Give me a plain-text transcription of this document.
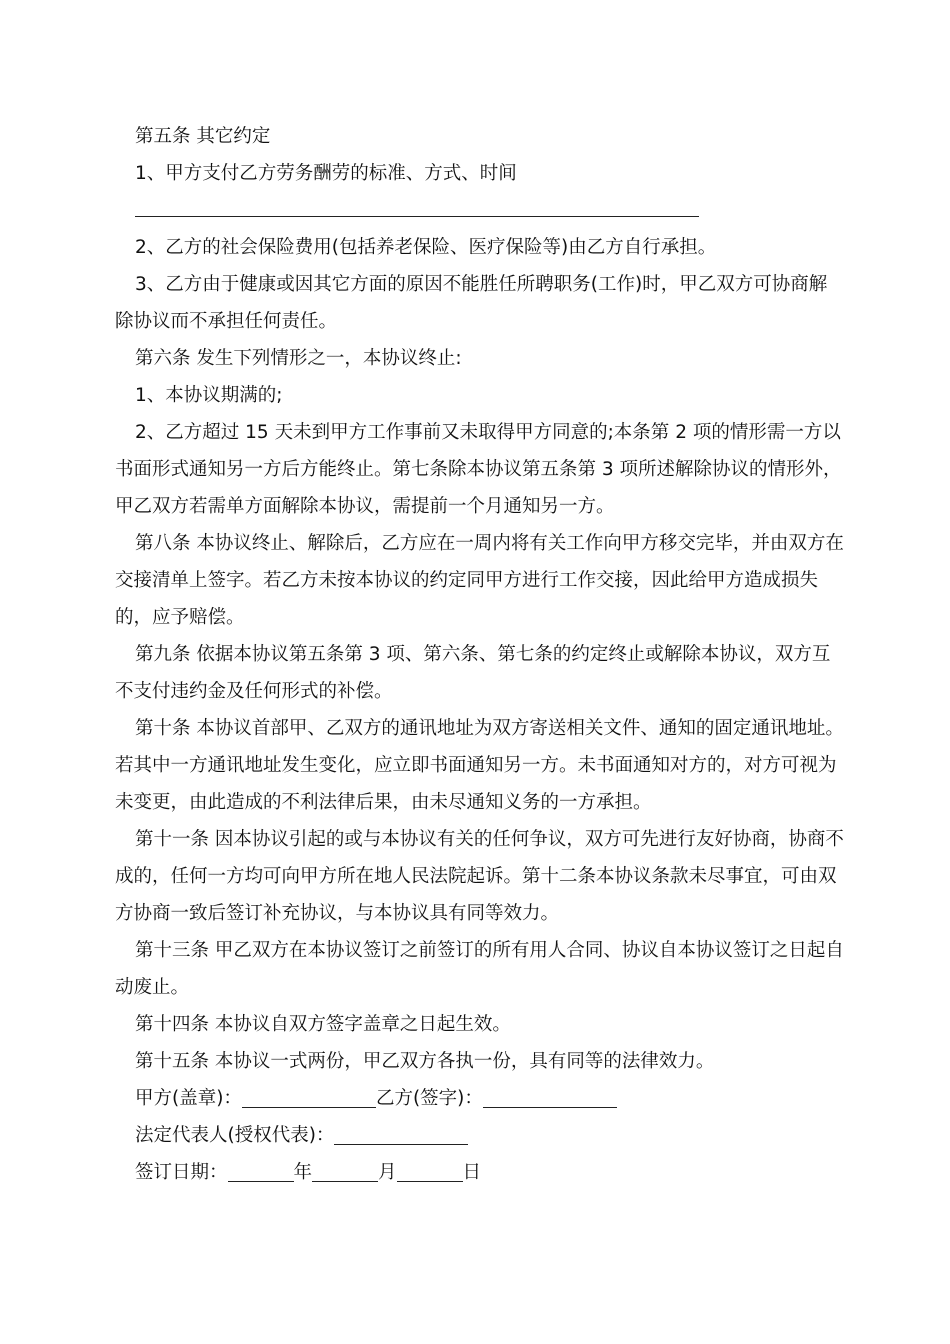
第五条 其它约定

1、甲方支付乙方劳务酬劳的标准、方式、时间

2、乙方的社会保险费用(包括养老保险、医疗保险等)由乙方自行承担。

3、乙方由于健康或因其它方面的原因不能胜任所聘职务(工作)时，甲乙双方可协商解除协议而不承担任何责任。

第六条 发生下列情形之一，本协议终止:

1、本协议期满的;

2、乙方超过 15 天未到甲方工作事前又未取得甲方同意的;本条第 2 项的情形需一方以书面形式通知另一方后方能终止。第七条除本协议第五条第 3 项所述解除协议的情形外，甲乙双方若需单方面解除本协议，需提前一个月通知另一方。

第八条 本协议终止、解除后，乙方应在一周内将有关工作向甲方移交完毕，并由双方在交接清单上签字。若乙方未按本协议的约定同甲方进行工作交接，因此给甲方造成损失的，应予赔偿。

第九条 依据本协议第五条第 3 项、第六条、第七条的约定终止或解除本协议，双方互不支付违约金及任何形式的补偿。

第十条 本协议首部甲、乙双方的通讯地址为双方寄送相关文件、通知的固定通讯地址。若其中一方通讯地址发生变化，应立即书面通知另一方。未书面通知对方的，对方可视为未变更，由此造成的不利法律后果，由未尽通知义务的一方承担。

第十一条 因本协议引起的或与本协议有关的任何争议，双方可先进行友好协商，协商不成的，任何一方均可向甲方所在地人民法院起诉。第十二条本协议条款未尽事宜，可由双方协商一致后签订补充协议，与本协议具有同等效力。

第十三条 甲乙双方在本协议签订之前签订的所有用人合同、协议自本协议签订之日起自动废止。

第十四条 本协议自双方签字盖章之日起生效。

第十五条 本协议一式两份，甲乙双方各执一份，具有同等的法律效力。

甲方(盖章)：	乙方(签字)：

法定代表人(授权代表)：

签订日期：	年	月	日
